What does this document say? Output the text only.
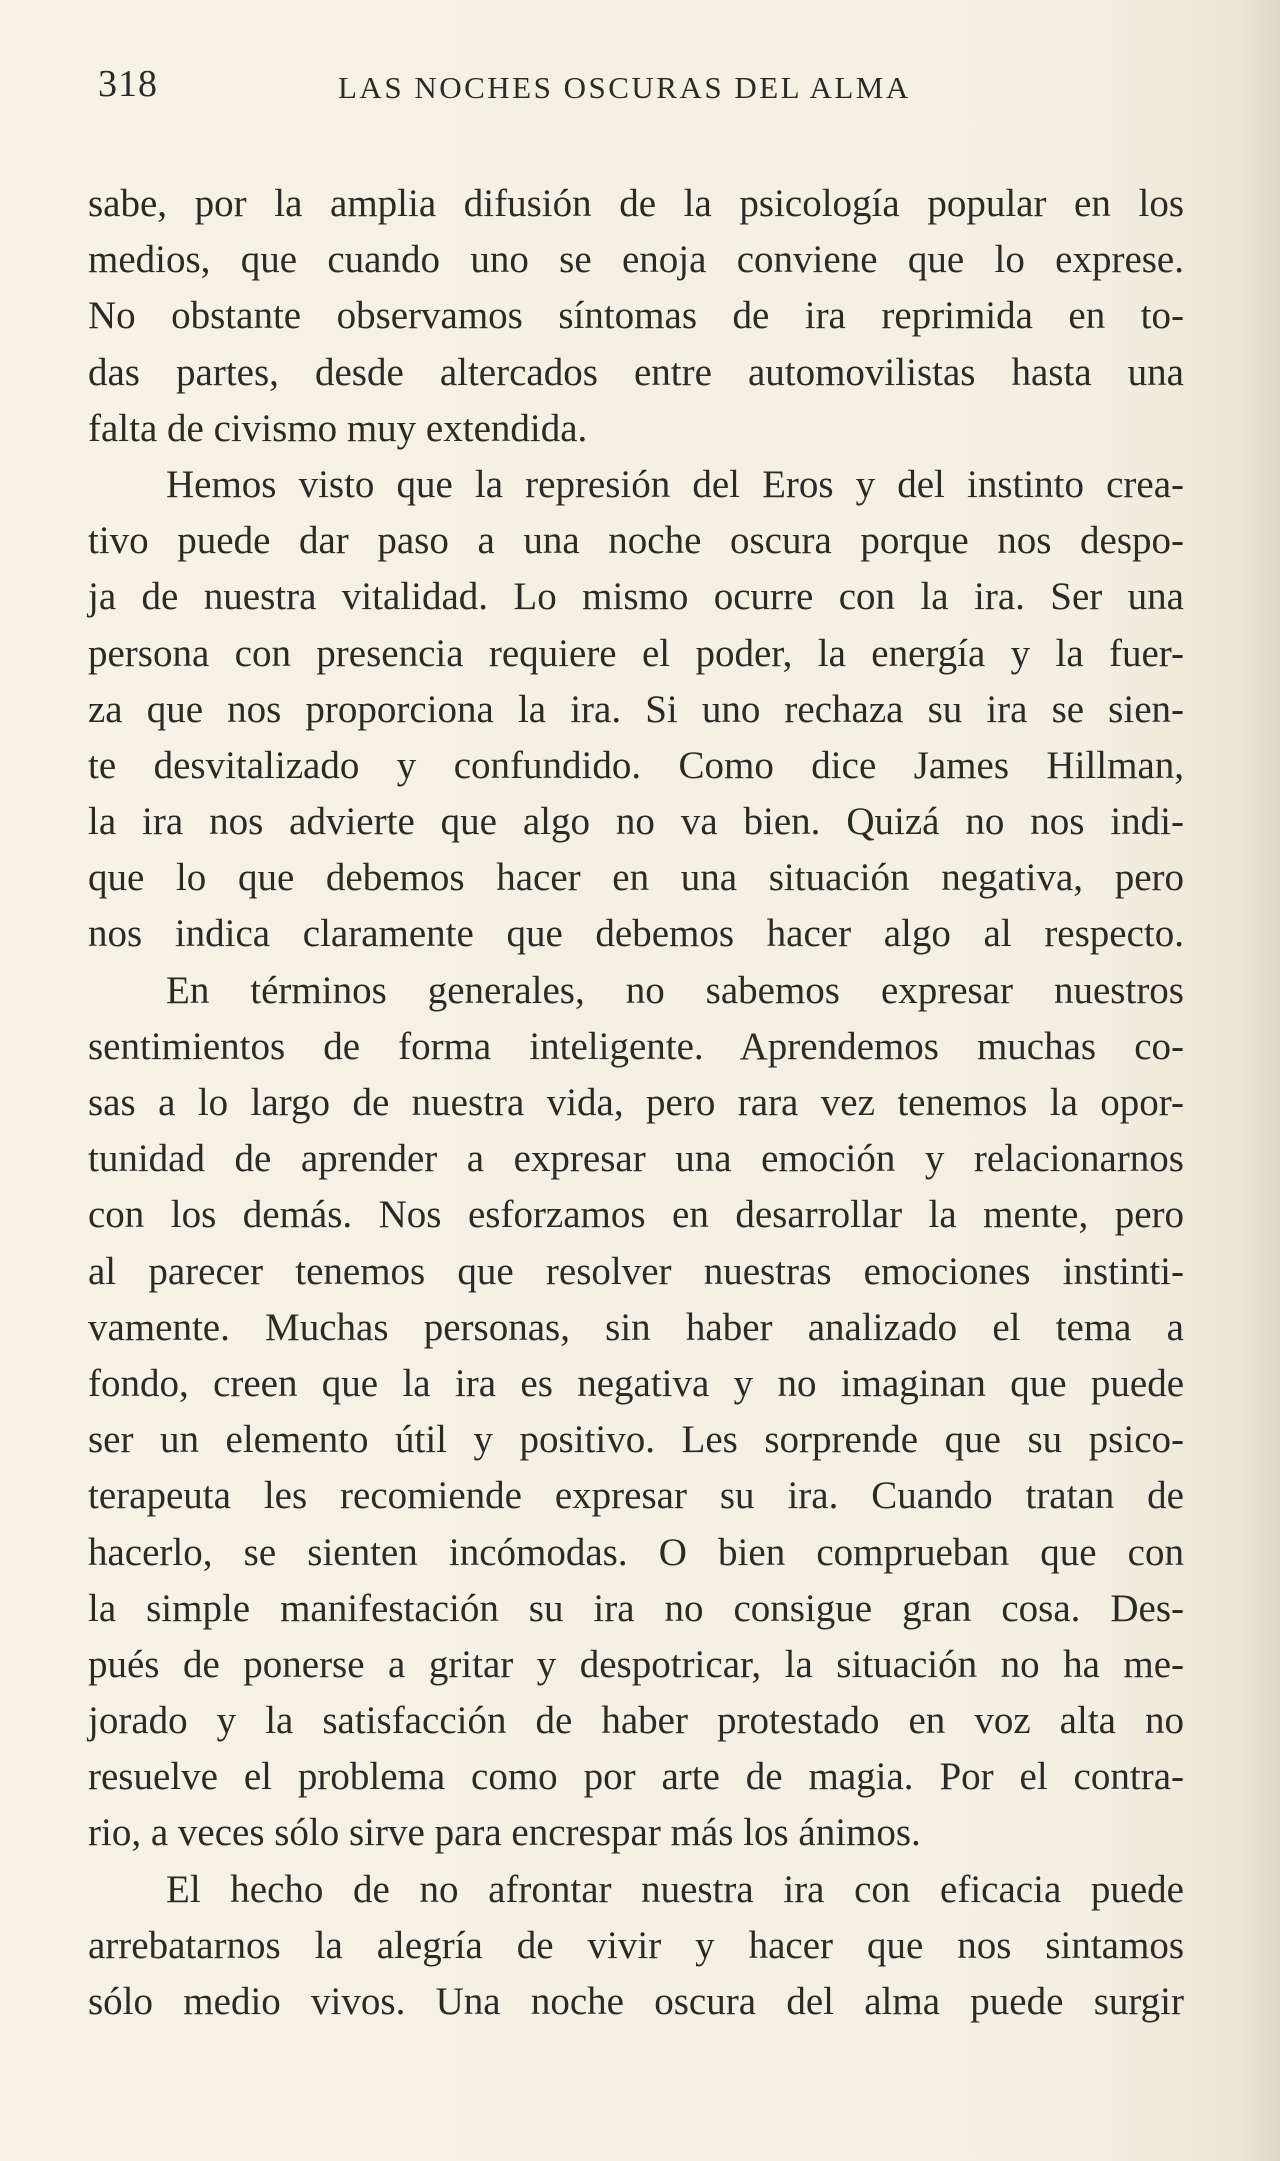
318	LAS NOCHES OSCURAS DEL ALMA
sabe, por la amplia difusión de la psicología popular en los
medios, que cuando uno se enoja conviene que lo exprese.
No obstante observamos síntomas de ira reprimida en to-
das partes, desde altercados entre automovilistas hasta una
falta de civismo muy extendida.
Hemos visto que la represión del Eros y del instinto crea-
tivo puede dar paso a una noche oscura porque nos despo-
ja de nuestra vitalidad. Lo mismo ocurre con la ira. Ser una
persona con presencia requiere el poder, la energía y la fuer-
za que nos proporciona la ira. Si uno rechaza su ira se sien-
te desvitalizado y confundido. Como dice James Hillman,
la ira nos advierte que algo no va bien. Quizá no nos indi-
que lo que debemos hacer en una situación negativa, pero
nos indica claramente que debemos hacer algo al respecto.
En términos generales, no sabemos expresar nuestros
sentimientos de forma inteligente. Aprendemos muchas co-
sas a lo largo de nuestra vida, pero rara vez tenemos la opor-
tunidad de aprender a expresar una emoción y relacionarnos
con los demás. Nos esforzamos en desarrollar la mente, pero
al parecer tenemos que resolver nuestras emociones instinti-
vamente. Muchas personas, sin haber analizado el tema a
fondo, creen que la ira es negativa y no imaginan que puede
ser un elemento útil y positivo. Les sorprende que su psico-
terapeuta les recomiende expresar su ira. Cuando tratan de
hacerlo, se sienten incómodas. O bien comprueban que con
la simple manifestación su ira no consigue gran cosa. Des-
pués de ponerse a gritar y despotricar, la situación no ha me-
jorado y la satisfacción de haber protestado en voz alta no
resuelve el problema como por arte de magia. Por el contra-
rio, a veces sólo sirve para encrespar más los ánimos.
El hecho de no afrontar nuestra ira con eficacia puede
arrebatarnos la alegría de vivir y hacer que nos sintamos
sólo medio vivos. Una noche oscura del alma puede surgir
